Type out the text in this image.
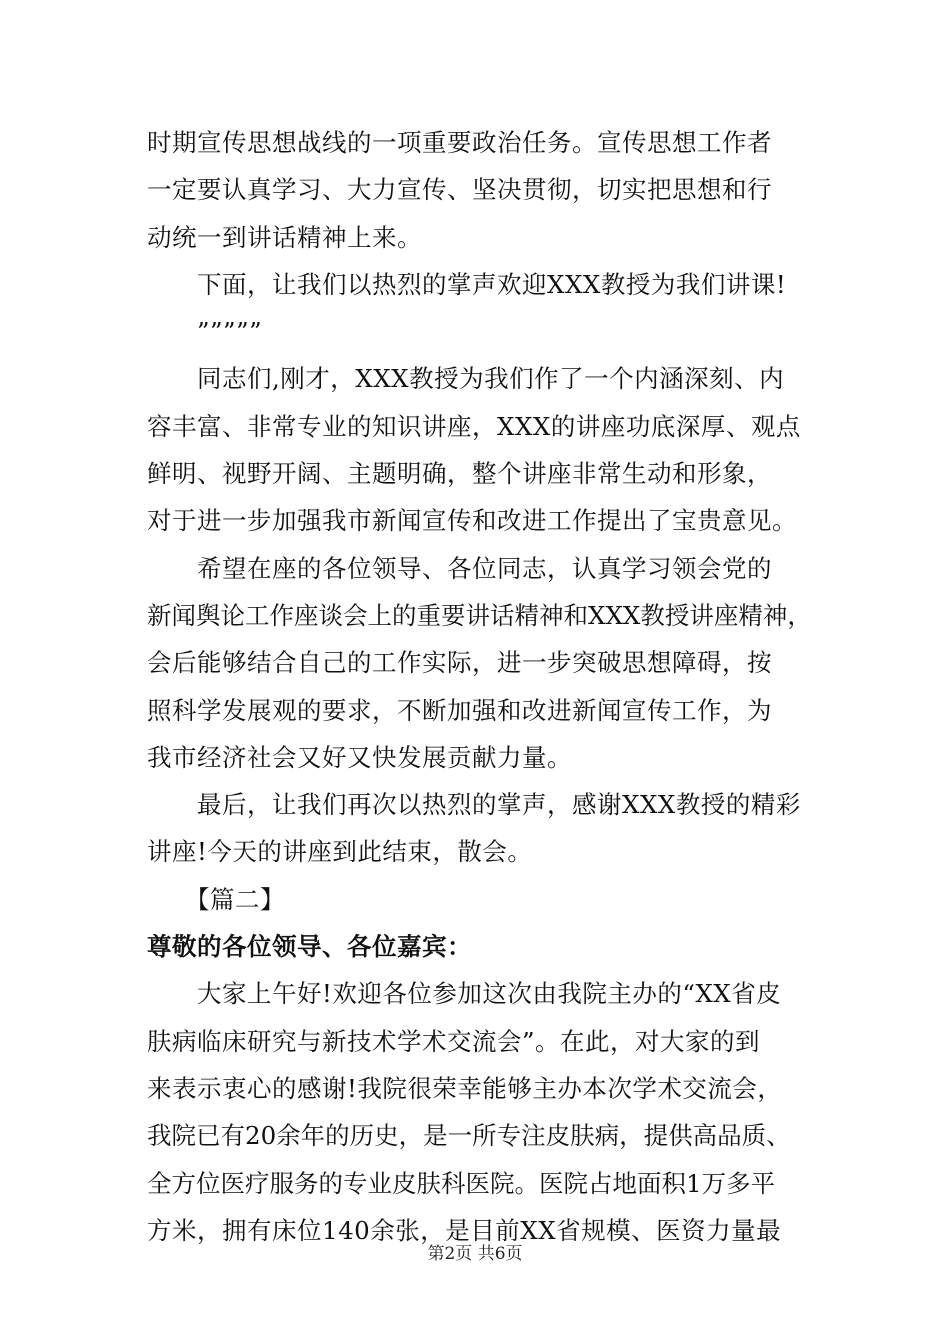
时期宣传思想战线的一项重要政治任务。宣传思想工作者
一定要认真学习、大力宣传、坚决贯彻，切实把思想和行
动统一到讲话精神上来。
下面，让我们以热烈的掌声欢迎XXX教授为我们讲课!
”””””
同志们,刚才，XXX教授为我们作了一个内涵深刻、内
容丰富、非常专业的知识讲座，XXX的讲座功底深厚、观点
鲜明、视野开阔、主题明确，整个讲座非常生动和形象，
对于进一步加强我市新闻宣传和改进工作提出了宝贵意见。
希望在座的各位领导、各位同志，认真学习领会党的
新闻舆论工作座谈会上的重要讲话精神和XXX教授讲座精神，
会后能够结合自己的工作实际，进一步突破思想障碍，按
照科学发展观的要求，不断加强和改进新闻宣传工作，为
我市经济社会又好又快发展贡献力量。
最后，让我们再次以热烈的掌声，感谢XXX教授的精彩
讲座!今天的讲座到此结束，散会。
【篇二】
尊敬的各位领导、各位嘉宾：
大家上午好!欢迎各位参加这次由我院主办的“XX省皮
肤病临床研究与新技术学术交流会”。在此，对大家的到
来表示衷心的感谢!我院很荣幸能够主办本次学术交流会，
我院已有20余年的历史，是一所专注皮肤病，提供高品质、
全方位医疗服务的专业皮肤科医院。医院占地面积1万多平
方米，拥有床位140余张，是目前XX省规模、医资力量最
第2页 共6页
